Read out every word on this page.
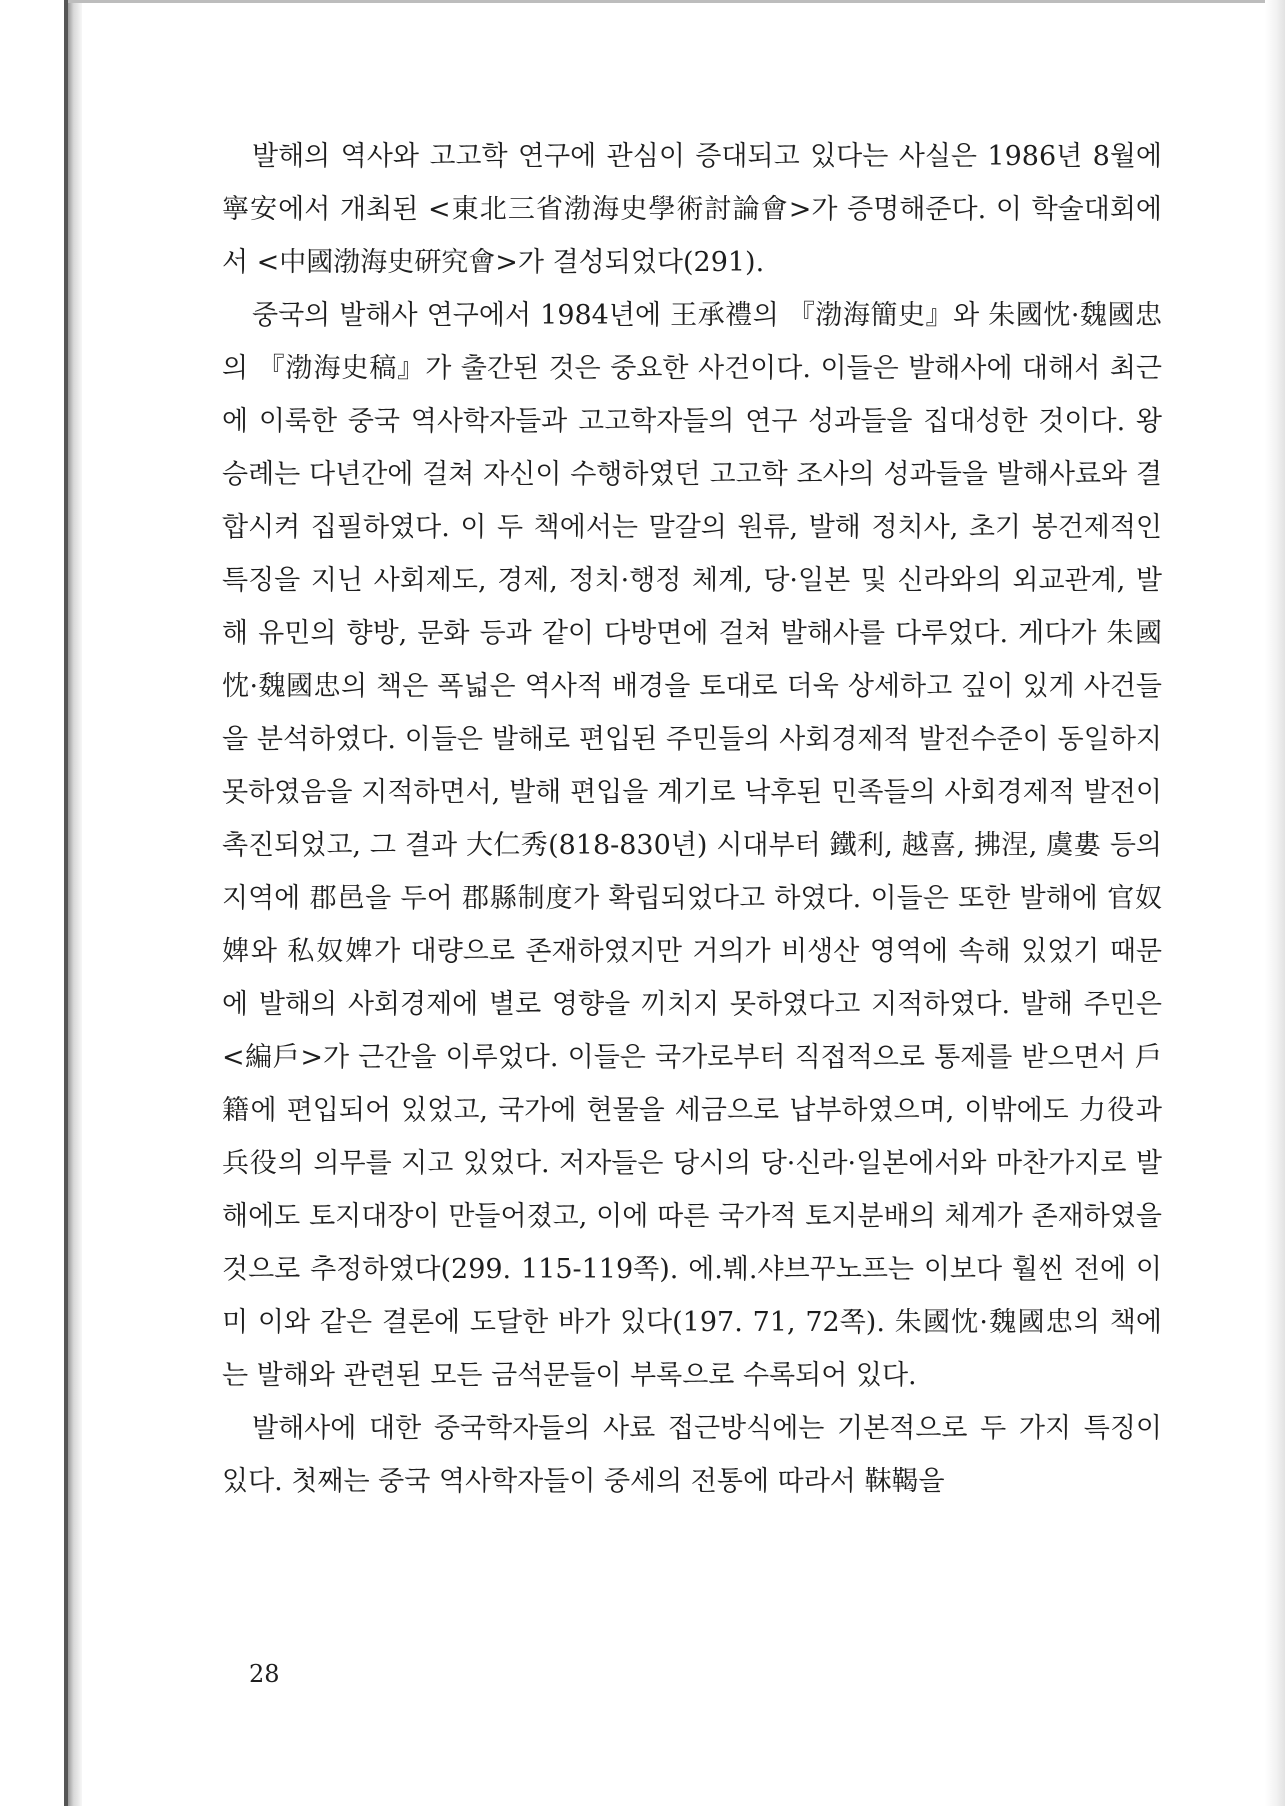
발해의 역사와 고고학 연구에 관심이 증대되고 있다는 사실은 1986년 8월에 寧安에서 개최된 <東北三省渤海史學術討論會>가 증명해준다. 이 학술대회에서 <中國渤海史硏究會>가 결성되었다(291).

중국의 발해사 연구에서 1984년에 王承禮의 『渤海簡史』와 朱國忱·魏國忠의 『渤海史稿』가 출간된 것은 중요한 사건이다. 이들은 발해사에 대해서 최근에 이룩한 중국 역사학자들과 고고학자들의 연구 성과들을 집대성한 것이다. 왕승례는 다년간에 걸쳐 자신이 수행하였던 고고학 조사의 성과들을 발해사료와 결합시켜 집필하였다. 이 두 책에서는 말갈의 원류, 발해 정치사, 초기 봉건제적인 특징을 지닌 사회제도, 경제, 정치·행정 체계, 당·일본 및 신라와의 외교관계, 발해 유민의 향방, 문화 등과 같이 다방면에 걸쳐 발해사를 다루었다. 게다가 朱國忱·魏國忠의 책은 폭넓은 역사적 배경을 토대로 더욱 상세하고 깊이 있게 사건들을 분석하였다. 이들은 발해로 편입된 주민들의 사회경제적 발전수준이 동일하지 못하였음을 지적하면서, 발해 편입을 계기로 낙후된 민족들의 사회경제적 발전이 촉진되었고, 그 결과 大仁秀(818-830년) 시대부터 鐵利, 越喜, 拂涅, 虞婁 등의 지역에 郡邑을 두어 郡縣制度가 확립되었다고 하였다. 이들은 또한 발해에 官奴婢와 私奴婢가 대량으로 존재하였지만 거의가 비생산 영역에 속해 있었기 때문에 발해의 사회경제에 별로 영향을 끼치지 못하였다고 지적하였다. 발해 주민은 <編戶>가 근간을 이루었다. 이들은 국가로부터 직접적으로 통제를 받으면서 戶籍에 편입되어 있었고, 국가에 현물을 세금으로 납부하였으며, 이밖에도 力役과 兵役의 의무를 지고 있었다. 저자들은 당시의 당·신라·일본에서와 마찬가지로 발해에도 토지대장이 만들어졌고, 이에 따른 국가적 토지분배의 체계가 존재하였을 것으로 추정하였다(299. 115-119쪽). 에.붸.샤브꾸노프는 이보다 훨씬 전에 이미 이와 같은 결론에 도달한 바가 있다(197. 71, 72쪽). 朱國忱·魏國忠의 책에는 발해와 관련된 모든 금석문들이 부록으로 수록되어 있다.

발해사에 대한 중국학자들의 사료 접근방식에는 기본적으로 두 가지 특징이 있다. 첫째는 중국 역사학자들이 중세의 전통에 따라서 靺鞨을

28
